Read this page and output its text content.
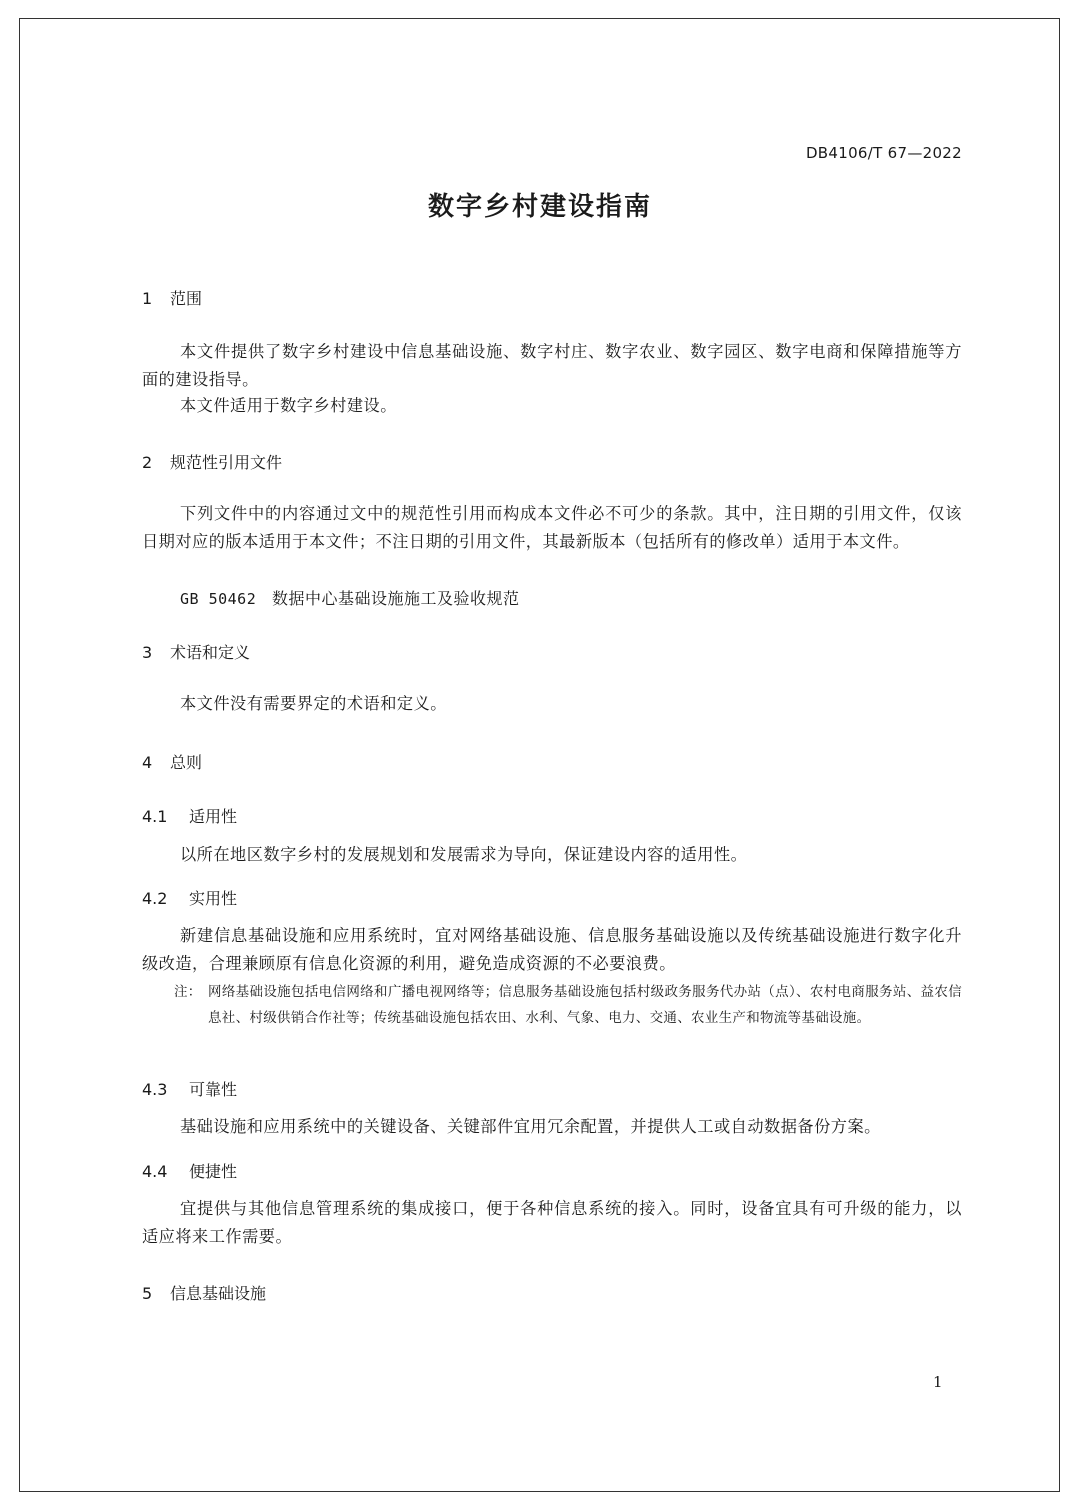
DB4106/T 67—2022
数字乡村建设指南
1 范围
本文件提供了数字乡村建设中信息基础设施、数字村庄、数字农业、数字园区、数字电商和保障措施等方面的建设指导。
本文件适用于数字乡村建设。
2 规范性引用文件
下列文件中的内容通过文中的规范性引用而构成本文件必不可少的条款。其中，注日期的引用文件，仅该日期对应的版本适用于本文件；不注日期的引用文件，其最新版本（包括所有的修改单）适用于本文件。
GB 50462 数据中心基础设施施工及验收规范
3 术语和定义
本文件没有需要界定的术语和定义。
4 总则
4.1 适用性
以所在地区数字乡村的发展规划和发展需求为导向，保证建设内容的适用性。
4.2 实用性
新建信息基础设施和应用系统时，宜对网络基础设施、信息服务基础设施以及传统基础设施进行数字化升级改造，合理兼顾原有信息化资源的利用，避免造成资源的不必要浪费。
注： 网络基础设施包括电信网络和广播电视网络等；信息服务基础设施包括村级政务服务代办站（点）、农村电商服务站、益农信息社、村级供销合作社等；传统基础设施包括农田、水利、气象、电力、交通、农业生产和物流等基础设施。
4.3 可靠性
基础设施和应用系统中的关键设备、关键部件宜用冗余配置，并提供人工或自动数据备份方案。
4.4 便捷性
宜提供与其他信息管理系统的集成接口，便于各种信息系统的接入。同时，设备宜具有可升级的能力，以适应将来工作需要。
5 信息基础设施
1
